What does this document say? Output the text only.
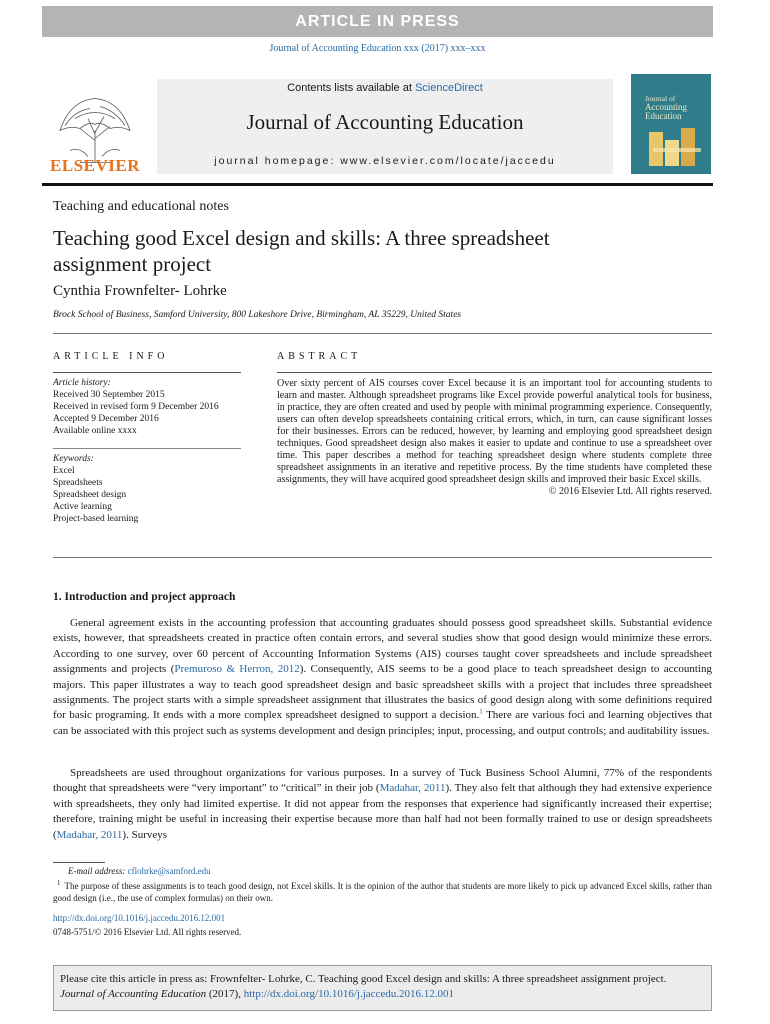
ARTICLE IN PRESS
Journal of Accounting Education xxx (2017) xxx–xxx
ELSEVIER
Contents lists available at ScienceDirect
Journal of Accounting Education
journal homepage: www.elsevier.com/locate/jaccedu
Journal of
Accounting
Education
Teaching and educational notes
Teaching good Excel design and skills: A three spreadsheet
assignment project
Cynthia Frownfelter- Lohrke
Brock School of Business, Samford University, 800 Lakeshore Drive, Birmingham, AL 35229, United States
ARTICLE INFO	ABSTRACT
Article history:
Received 30 September 2015
Received in revised form 9 December 2016
Accepted 9 December 2016
Available online xxxx
Keywords:
Excel
Spreadsheets
Spreadsheet design
Active learning
Project-based learning
Over sixty percent of AIS courses cover Excel because it is an important tool for accounting students to learn and master. Although spreadsheet programs like Excel provide powerful analytical tools for business, in practice, they are often created and used by people with minimal programming experience. Consequently, users can often develop spreadsheets containing critical errors, which, in turn, can cause significant losses for their businesses. Errors can be reduced, however, by learning and employing good spreadsheet design techniques. Good spreadsheet design also makes it easier to update and continue to use a spreadsheet over time. This paper describes a method for teaching spreadsheet design where students complete three spreadsheet assignments in an iterative and repetitive process. By the time students have completed these assignments, they will have acquired good spreadsheet design skills and improved their basic Excel skills.
© 2016 Elsevier Ltd. All rights reserved.
1. Introduction and project approach
General agreement exists in the accounting profession that accounting graduates should possess good spreadsheet skills. Substantial evidence exists, however, that spreadsheets created in practice often contain errors, and several studies show that good design would minimize these errors. According to one survey, over 60 percent of Accounting Information Systems (AIS) courses taught cover spreadsheets and include spreadsheet assignments and projects (Premuroso & Herron, 2012). Consequently, AIS seems to be a good place to teach spreadsheet design to accounting majors. This paper illustrates a way to teach good spreadsheet design and basic spreadsheet skills with a project that includes three spreadsheet assignments. The project starts with a simple spreadsheet assignment that illustrates the basics of good design along with some definitions required for basic programing. It ends with a more complex spreadsheet designed to support a decision.$^1$ There are various foci and learning objectives that can be associated with this project such as systems development and design principles; input, processing, and output controls; and auditability issues.
Spreadsheets are used throughout organizations for various purposes. In a survey of Tuck Business School Alumni, 77% of the respondents thought that spreadsheets were “very important” to “critical” in their job (Madahar, 2011). They also felt that although they had extensive experience with spreadsheets, they only had limited expertise. It did not appear from the responses that experience had significantly increased their expertise; therefore, training might be useful in increasing their expertise because more than half had not been formally trained to use or design spreadsheets (Madahar, 2011). Surveys
E-mail address: cflohrke@samford.edu
$^1$ The purpose of these assignments is to teach good design, not Excel skills. It is the opinion of the author that students are more likely to pick up advanced Excel skills, rather than good design (i.e., the use of complex formulas) on their own.
http://dx.doi.org/10.1016/j.jaccedu.2016.12.001
0748-5751/© 2016 Elsevier Ltd. All rights reserved.
Please cite this article in press as: Frownfelter- Lohrke, C. Teaching good Excel design and skills: A three spreadsheet assignment project.
Journal of Accounting Education (2017), http://dx.doi.org/10.1016/j.jaccedu.2016.12.001
